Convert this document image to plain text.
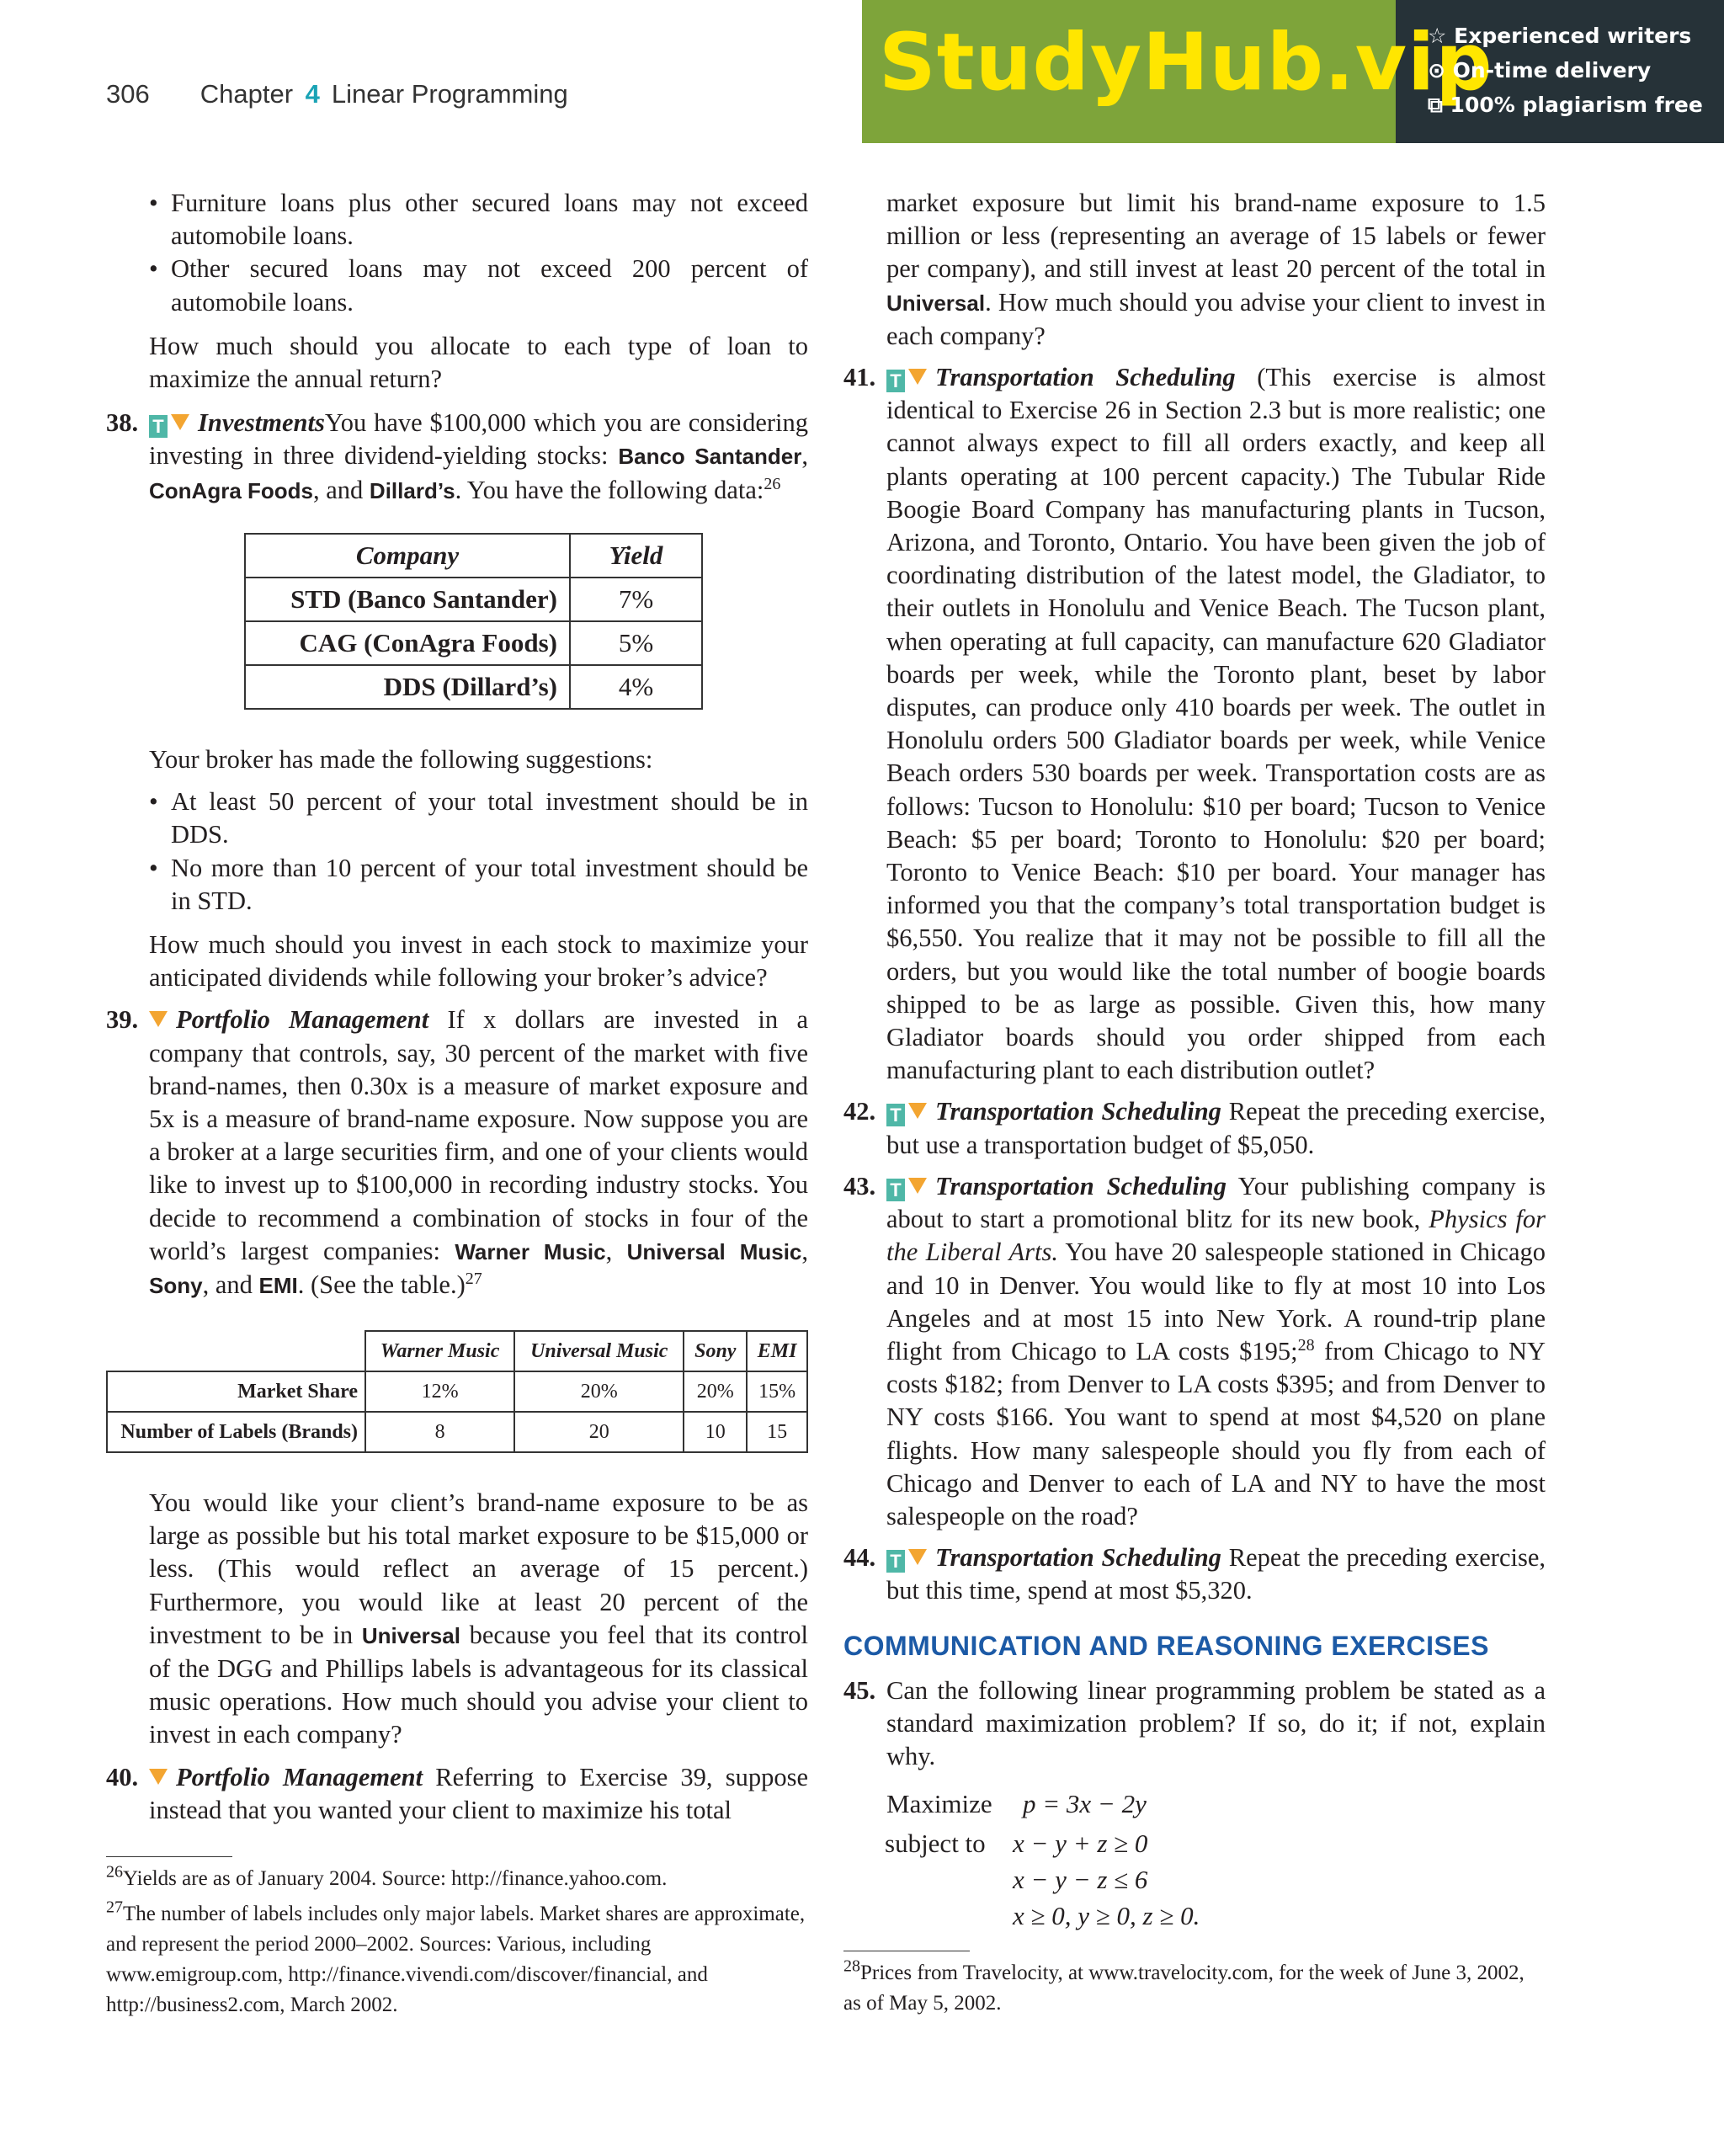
306 Chapter 4 Linear Programming	StudyHub.vip
☆ Experienced writers
⊙ On-time delivery
⧉ 100% plagiarism free

• Furniture loans plus other secured loans may not exceed automobile loans.

• Other secured loans may not exceed 200 percent of automobile loans.

How much should you allocate to each type of loan to maximize the annual return?

38. T InvestmentsYou have $100,000 which you are considering investing in three dividend-yielding stocks: Banco Santander, ConAgra Foods, and Dillard’s. You have the following data:$^{26}$

Company	Yield
STD (Banco Santander)	7%
CAG (ConAgra Foods)	5%
DDS (Dillard’s)	4%

Your broker has made the following suggestions:

• At least 50 percent of your total investment should be in DDS.

• No more than 10 percent of your total investment should be in STD.

How much should you invest in each stock to maximize your anticipated dividends while following your broker’s advice?

39. Portfolio Management If x dollars are invested in a company that controls, say, 30 percent of the market with five brand-names, then 0.30x is a measure of market exposure and 5x is a measure of brand-name exposure. Now suppose you are a broker at a large securities firm, and one of your clients would like to invest up to $100,000 in recording industry stocks. You decide to recommend a combination of stocks in four of the world’s largest companies: Warner Music, Universal Music, Sony, and EMI. (See the table.)$^{27}$

	Warner Music	Universal Music	Sony	EMI
Market Share	12%	20%	20%	15%
Number of Labels (Brands)	8	20	10	15

You would like your client’s brand-name exposure to be as large as possible but his total market exposure to be $15,000 or less. (This would reflect an average of 15 percent.) Furthermore, you would like at least 20 percent of the investment to be in Universal because you feel that its control of the DGG and Phillips labels is advantageous for its classical music operations. How much should you advise your client to invest in each company?

40. Portfolio Management Referring to Exercise 39, suppose instead that you wanted your client to maximize his total

$^{26}$Yields are as of January 2004. Source: http://finance.yahoo.com.

$^{27}$The number of labels includes only major labels. Market shares are approximate, and represent the period 2000–2002. Sources: Various, including www.emigroup.com, http://finance.vivendi.com/discover/financial, and http://business2.com, March 2002.

market exposure but limit his brand-name exposure to 1.5 million or less (representing an average of 15 labels or fewer per company), and still invest at least 20 percent of the total in Universal. How much should you advise your client to invest in each company?

41. T Transportation Scheduling (This exercise is almost identical to Exercise 26 in Section 2.3 but is more realistic; one cannot always expect to fill all orders exactly, and keep all plants operating at 100 percent capacity.) The Tubular Ride Boogie Board Company has manufacturing plants in Tucson, Arizona, and Toronto, Ontario. You have been given the job of coordinating distribution of the latest model, the Gladiator, to their outlets in Honolulu and Venice Beach. The Tucson plant, when operating at full capacity, can manufacture 620 Gladiator boards per week, while the Toronto plant, beset by labor disputes, can produce only 410 boards per week. The outlet in Honolulu orders 500 Gladiator boards per week, while Venice Beach orders 530 boards per week. Transportation costs are as follows: Tucson to Honolulu: $10 per board; Tucson to Venice Beach: $5 per board; Toronto to Honolulu: $20 per board; Toronto to Venice Beach: $10 per board. Your manager has informed you that the company’s total transportation budget is $6,550. You realize that it may not be possible to fill all the orders, but you would like the total number of boogie boards shipped to be as large as possible. Given this, how many Gladiator boards should you order shipped from each manufacturing plant to each distribution outlet?

42. T Transportation Scheduling Repeat the preceding exercise, but use a transportation budget of $5,050.

43. T Transportation Scheduling Your publishing company is about to start a promotional blitz for its new book, Physics for the Liberal Arts. You have 20 salespeople stationed in Chicago and 10 in Denver. You would like to fly at most 10 into Los Angeles and at most 15 into New York. A round-trip plane flight from Chicago to LA costs $195;$^{28}$ from Chicago to NY costs $182; from Denver to LA costs $395; and from Denver to NY costs $166. You want to spend at most $4,520 on plane flights. How many salespeople should you fly from each of Chicago and Denver to each of LA and NY to have the most salespeople on the road?

44. T Transportation Scheduling Repeat the preceding exercise, but this time, spend at most $5,320.

COMMUNICATION AND REASONING EXERCISES

45. Can the following linear programming problem be stated as a standard maximization problem? If so, do it; if not, explain why.

Maximize p = 3x − 2y
subject to x − y + z ≥ 0
x − y − z ≤ 6
x ≥ 0, y ≥ 0, z ≥ 0.

$^{28}$Prices from Travelocity, at www.travelocity.com, for the week of June 3, 2002, as of May 5, 2002.
